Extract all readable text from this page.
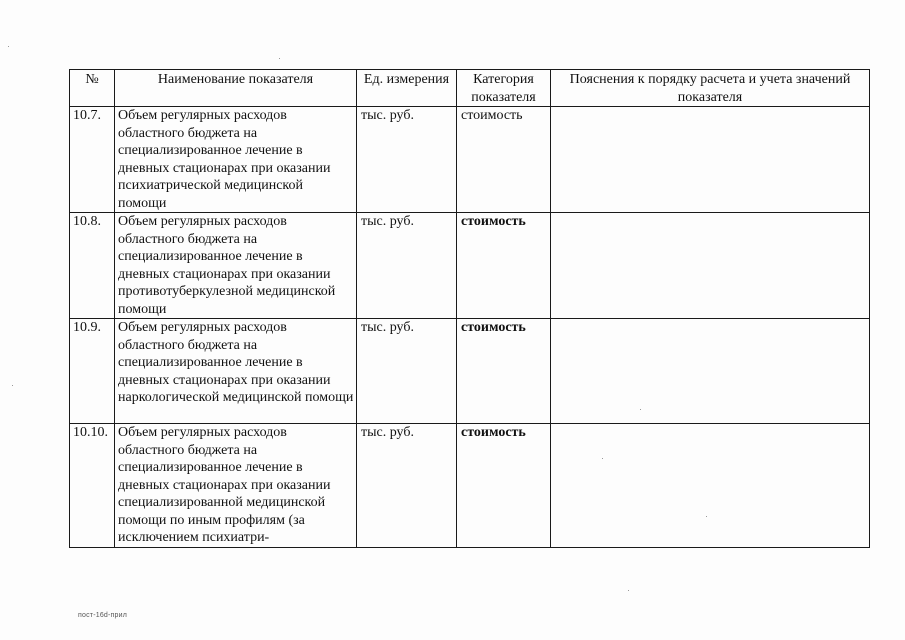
№	Наименование показателя	Ед. измерения	Категория показателя	Пояснения к порядку расчета и учета значений показателя
10.7.	Объем регулярных расходов областного бюджета на специализированное лечение в дневных стационарах при оказании психиатрической медицинской помощи	тыс. руб.	стоимость	
10.8.	Объем регулярных расходов областного бюджета на специализированное лечение в дневных стационарах при оказании противотуберкулезной медицинской помощи	тыс. руб.	стоимость	
10.9.	Объем регулярных расходов областного бюджета на специализированное лечение в дневных стационарах при оказании наркологической медицинской помощи	тыс. руб.	стоимость	
10.10.	Объем регулярных расходов областного бюджета на специализированное лечение в дневных стационарах при оказании специализированной медицинской помощи по иным профилям (за исключением психиатри-	тыс. руб.	стоимость	
пост-16d-прил
